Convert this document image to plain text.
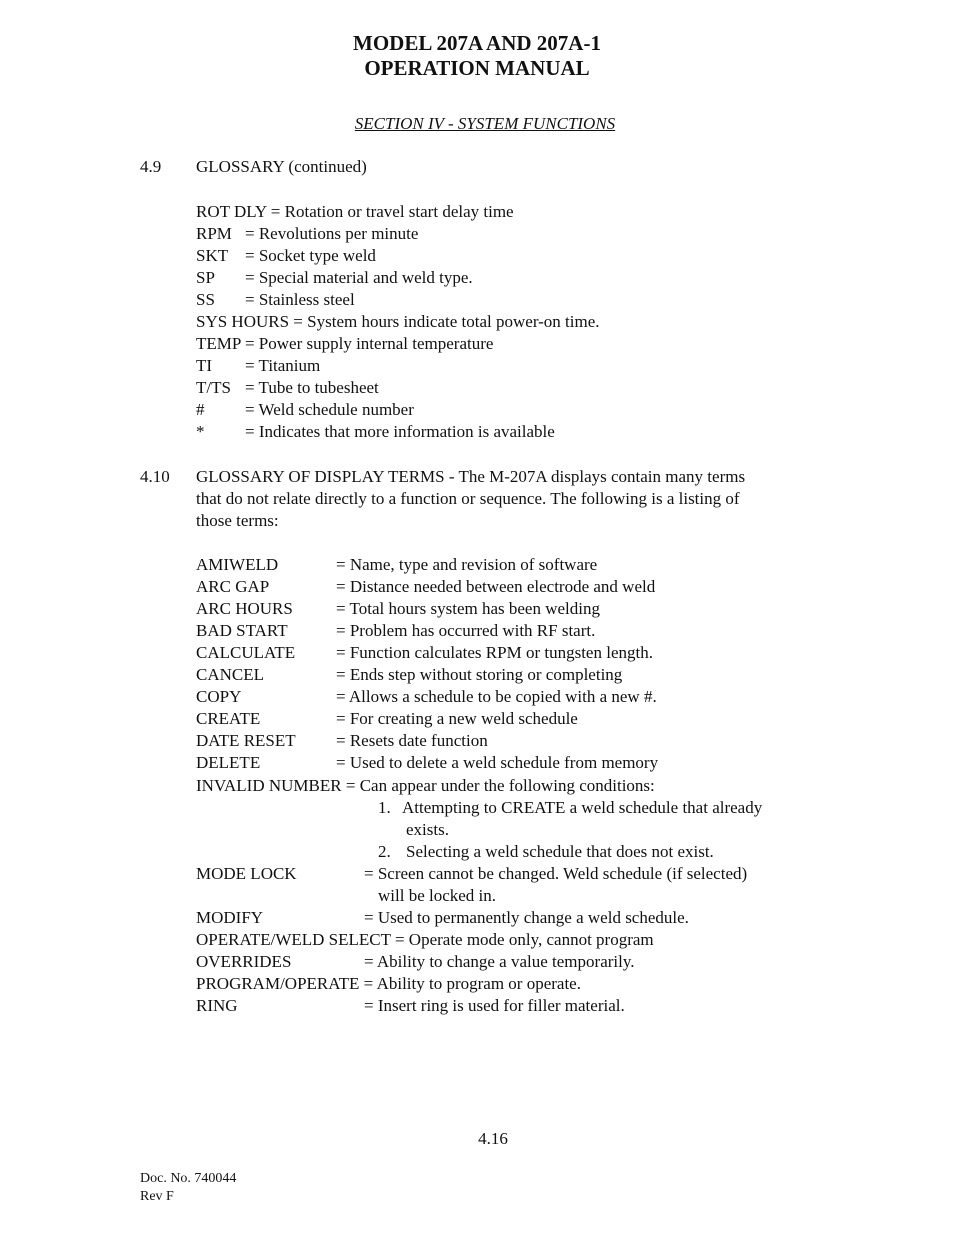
MODEL 207A AND 207A-1
OPERATION MANUAL
SECTION IV - SYSTEM FUNCTIONS
4.9 GLOSSARY (continued)
ROT DLY = Rotation or travel start delay time
RPM = Revolutions per minute
SKT = Socket type weld
SP = Special material and weld type.
SS = Stainless steel
SYS HOURS = System hours indicate total power-on time.
TEMP = Power supply internal temperature
TI = Titanium
T/TS = Tube to tubesheet
# = Weld schedule number
* = Indicates that more information is available
4.10 GLOSSARY OF DISPLAY TERMS - The M-207A displays contain many terms
that do not relate directly to a function or sequence. The following is a listing of
those terms:
AMIWELD	= Name, type and revision of software
ARC GAP	= Distance needed between electrode and weld
ARC HOURS	= Total hours system has been welding
BAD START	= Problem has occurred with RF start.
CALCULATE = Function calculates RPM or tungsten length.
CANCEL	= Ends step without storing or completing
COPY	= Allows a schedule to be copied with a new #.
CREATE	= For creating a new weld schedule
DATE RESET = Resets date function
DELETE	= Used to delete a weld schedule from memory
INVALID NUMBER = Can appear under the following conditions:
1. Attempting to CREATE a weld schedule that already
exists.
2. Selecting a weld schedule that does not exist.
MODE LOCK	= Screen cannot be changed. Weld schedule (if selected)
will be locked in.
MODIFY	= Used to permanently change a weld schedule.
OPERATE/WELD SELECT = Operate mode only, cannot program
OVERRIDES	= Ability to change a value temporarily.
PROGRAM/OPERATE = Ability to program or operate.
RING	= Insert ring is used for filler material.
4.16
Doc. No. 740044
Rev F
